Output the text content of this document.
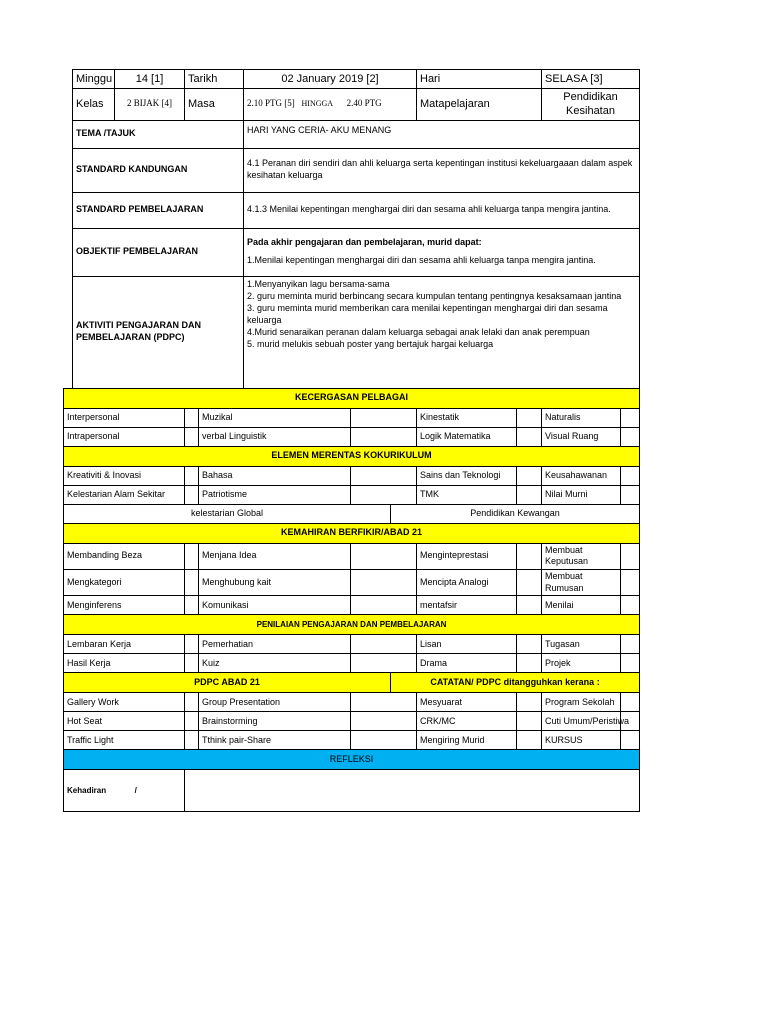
	Minggu	14 [1]	Tarikh		02 January 2019 [2]			Hari		SELASA [3]	
	Kelas	2 BIJAK [4]	Masa		2.10 PTG [5] HINGGA 2.40 PTG			Matapelajaran		Pendidikan Kesihatan	
	TEMA /TAJUK				HARI YANG CERIA- AKU MENANG						
	STANDARD KANDUNGAN				4.1 Peranan diri sendiri dan ahli keluarga serta kepentingan institusi kekeluargaaan dalam aspek kesihatan keluarga						
	STANDARD PEMBELAJARAN				4.1.3 Menilai kepentingan menghargai diri dan sesama ahli keluarga tanpa mengira jantina.						
	OBJEKTIF PEMBELAJARAN				Pada akhir pengajaran dan pembelajaran, murid dapat:
1.Menilai kepentingan menghargai diri dan sesama ahli keluarga tanpa mengira jantina.						

	AKTIVITI PENGAJARAN DAN PEMBELAJARAN (PDPC)				1.Menyanyikan lagu bersama-sama
2. guru meminta murid berbincang secara kumpulan tentang pentingnya kesaksamaan jantina
3. guru meminta murid memberikan cara menilai kepentingan menghargai diri dan sesama keluarga
4.Murid senaraikan peranan dalam keluarga sebagai anak lelaki dan anak perempuan
5. murid melukis sebuah poster yang bertajuk hargai keluarga						

KECERGASAN PELBAGAI											
Interpersonal				Muzikal				Kinestatik		Naturalis	
Intrapersonal				verbal Linguistik				Logik Matematika		Visual Ruang	
ELEMEN MERENTAS KOKURIKULUM											
Kreativiti & Inovasi				Bahasa				Sains dan Teknologi		Keusahawanan	
Kelestarian Alam Sekitar				Patriotisme				TMK		Nilai Murni	
kelestarian Global							Pendidikan Kewangan				
KEMAHIRAN BERFIKIR/ABAD 21											
Membanding Beza				Menjana Idea				Menginteprestasi		Membuat Keputusan	
Mengkategori				Menghubung kait				Mencipta Analogi		Membuat Rumusan	
Menginferens				Komunikasi				mentafsir		Menilai	
PENILAIAN PENGAJARAN DAN PEMBELAJARAN											
Lembaran Kerja				Pemerhatian				Lisan		Tugasan	
Hasil Kerja				Kuiz				Drama		Projek	
PDPC ABAD 21							CATATAN/ PDPC ditangguhkan kerana :				
Gallery Work				Group Presentation				Mesyuarat		Program Sekolah	
Hot Seat				Brainstorming				CRK/MC		Cuti Umum/Peristiwa	
Traffic Light				Tthink pair-Share				Mengiring Murid		KURSUS	
REFLEKSI											
Kehadiran /											
